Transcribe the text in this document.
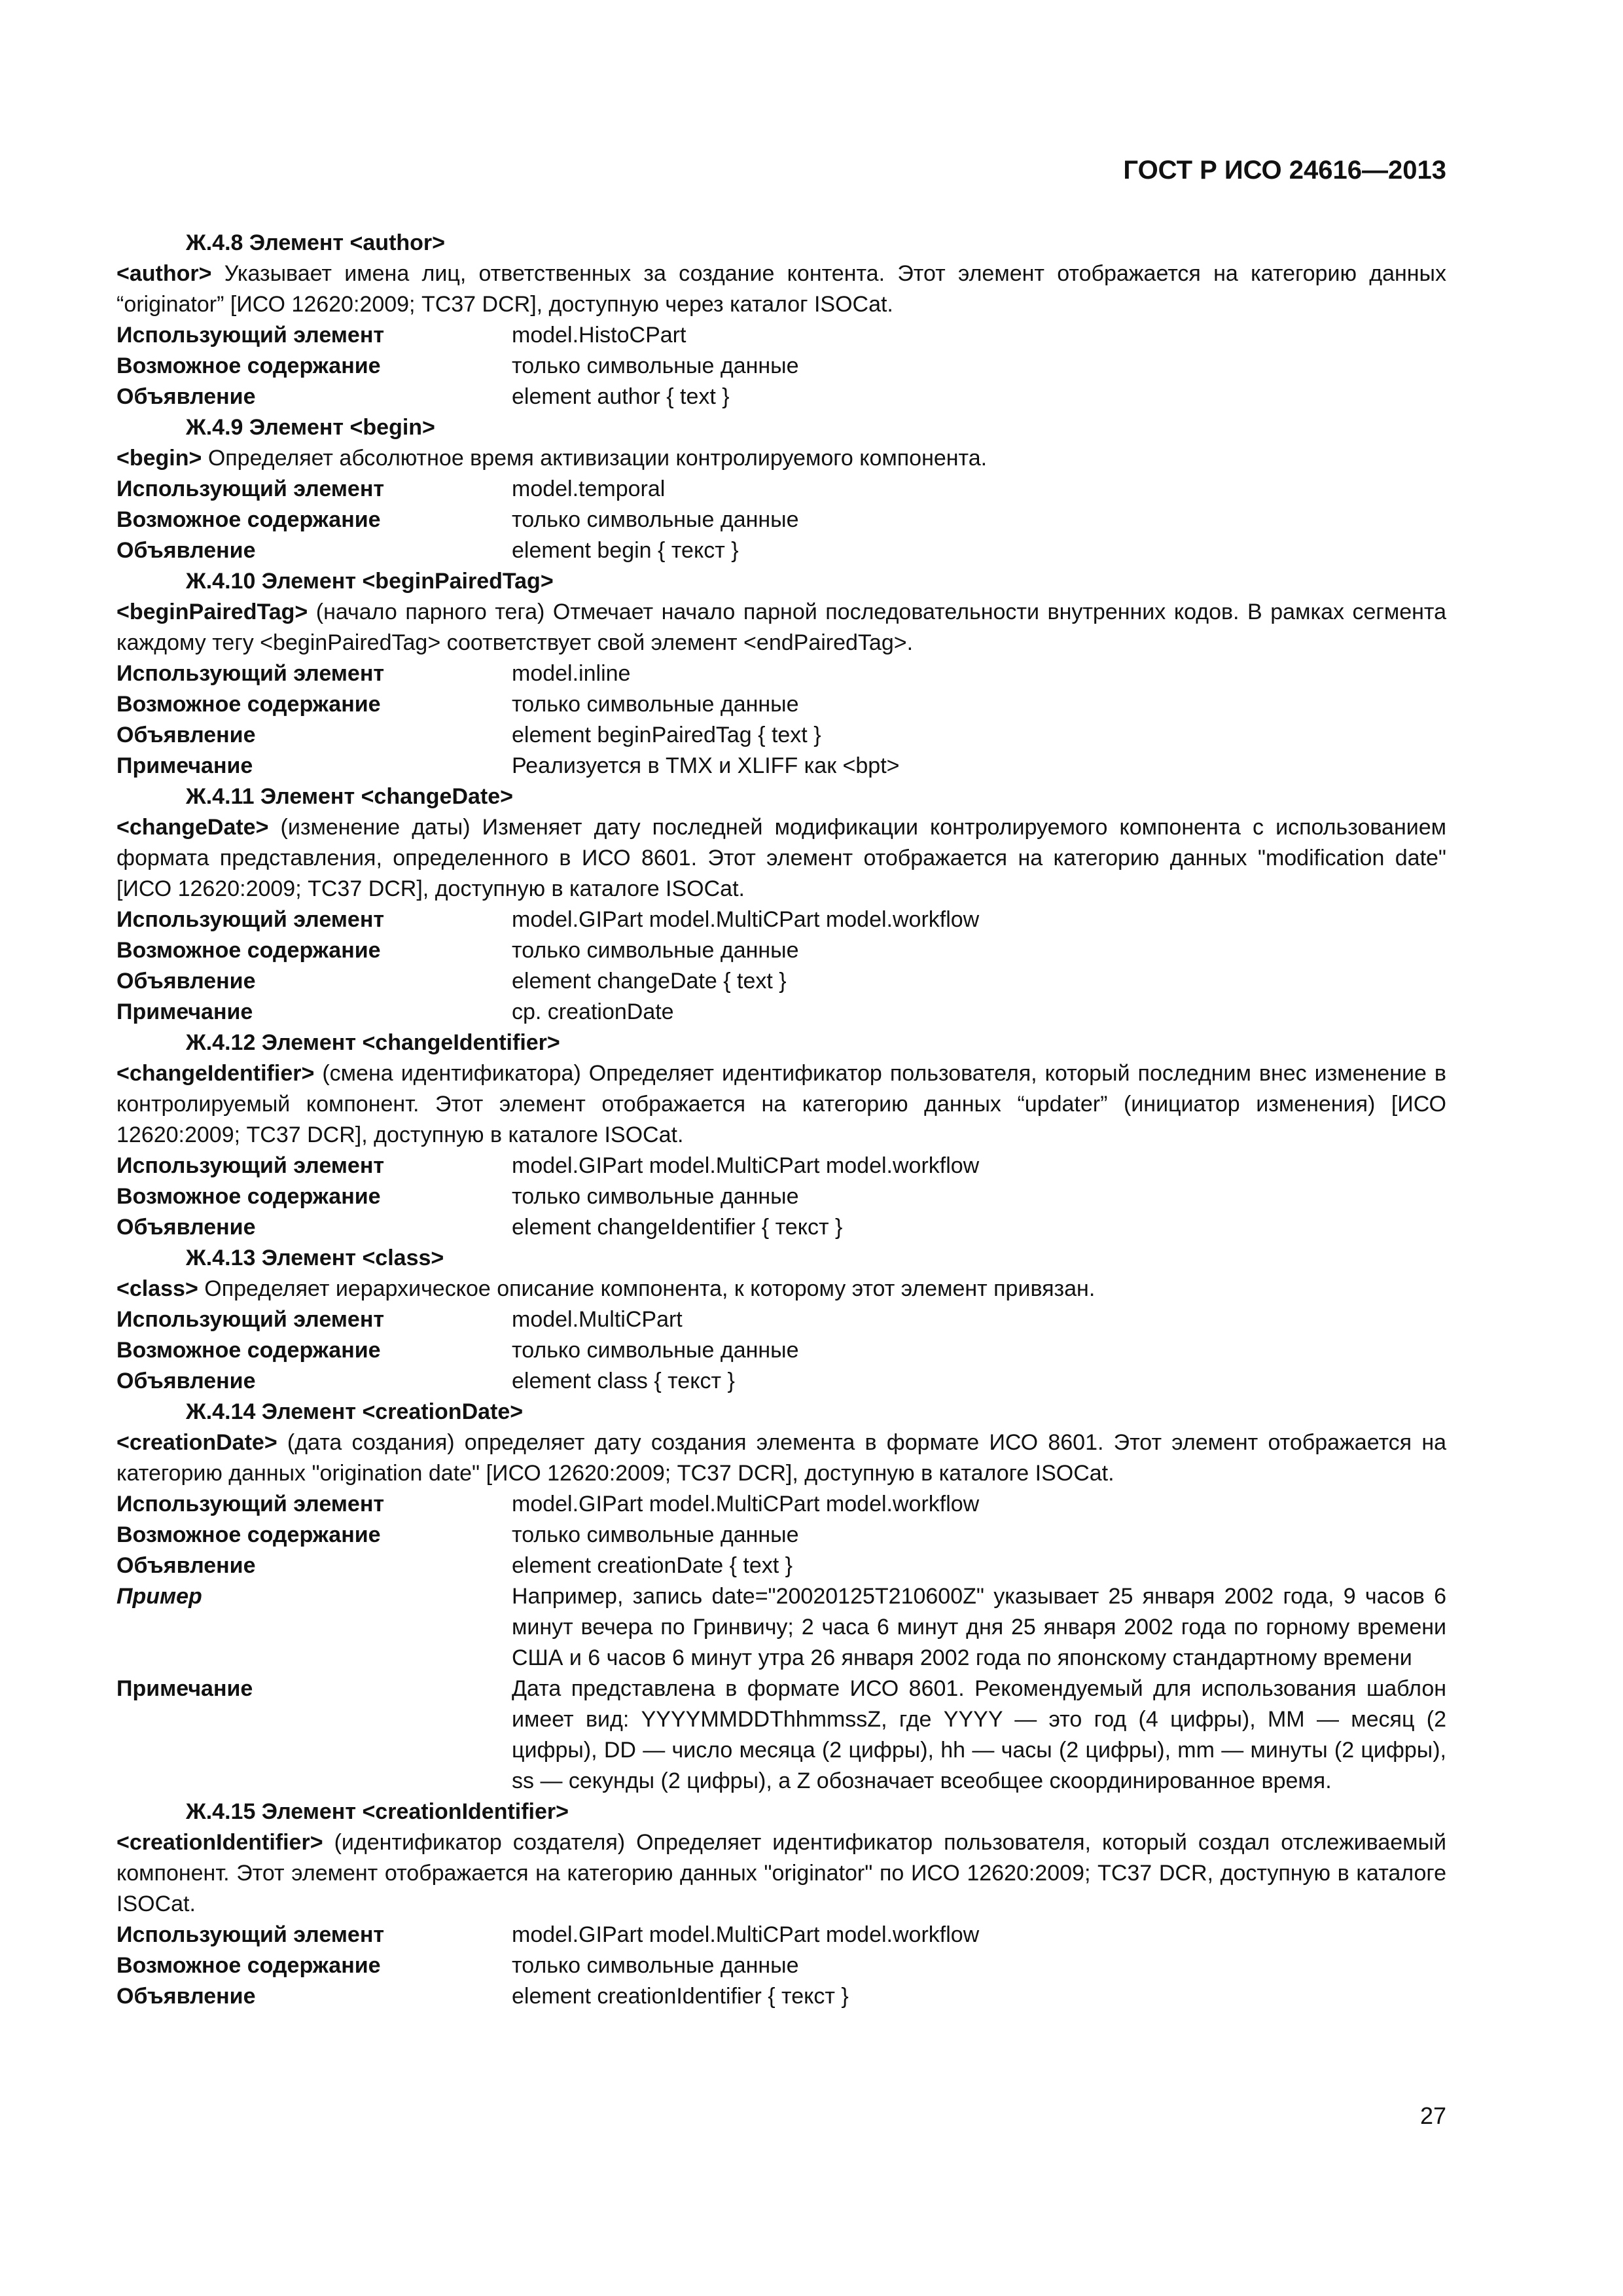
ГОСТ Р ИСО 24616—2013
Ж.4.8 Элемент <author>
<author> Указывает имена лиц, ответственных за создание контента. Этот элемент отображается на категорию данных “originator” [ИСО 12620:2009; TC37 DCR], доступную через каталог ISOCat.
Использующий элемент	model.HistoCPart
Возможное содержание	только символьные данные
Объявление	element author { text }
Ж.4.9 Элемент <begin>
<begin> Определяет абсолютное время активизации контролируемого компонента.
Использующий элемент	model.temporal
Возможное содержание	только символьные данные
Объявление	element begin { текст }
Ж.4.10 Элемент <beginPairedTag>
<beginPairedTag> (начало парного тега) Отмечает начало парной последовательности внутренних кодов. В рамках сегмента каждому тегу <beginPairedTag> соответствует свой элемент <endPairedTag>.
Использующий элемент	model.inline
Возможное содержание	только символьные данные
Объявление	element beginPairedTag { text }
Примечание	Реализуется в TMX и XLIFF как <bpt>
Ж.4.11 Элемент <changeDate>
<changeDate> (изменение даты) Изменяет дату последней модификации контролируемого компонента с использованием формата представления, определенного в ИСО 8601. Этот элемент отображается на категорию данных "modification date" [ИСО 12620:2009; TC37 DCR], доступную в каталоге ISOCat.
Использующий элемент	model.GIPart model.MultiCPart model.workflow
Возможное содержание	только символьные данные
Объявление	element changeDate { text }
Примечание	ср. creationDate
Ж.4.12 Элемент <changeIdentifier>
<changeIdentifier> (смена идентификатора) Определяет идентификатор пользователя, который последним внес изменение в контролируемый компонент. Этот элемент отображается на категорию данных “updater” (инициатор изменения) [ИСО 12620:2009; TC37 DCR], доступную в каталоге ISOCat.
Использующий элемент	model.GIPart model.MultiCPart model.workflow
Возможное содержание	только символьные данные
Объявление	element changeIdentifier { текст }
Ж.4.13 Элемент <class>
<class> Определяет иерархическое описание компонента, к которому этот элемент привязан.
Использующий элемент	model.MultiCPart
Возможное содержание	только символьные данные
Объявление	element class { текст }
Ж.4.14 Элемент <creationDate>
<creationDate> (дата создания) определяет дату создания элемента в формате ИСО 8601. Этот элемент отображается на категорию данных "origination date" [ИСО 12620:2009; TC37 DCR], доступную в каталоге ISOCat.
Использующий элемент	model.GIPart model.MultiCPart model.workflow
Возможное содержание	только символьные данные
Объявление	element creationDate { text }
Пример	Например, запись date="20020125T210600Z" указывает 25 января 2002 года, 9 часов 6 минут вечера по Гринвичу; 2 часа 6 минут дня 25 января 2002 года по горному времени США и 6 часов 6 минут утра 26 января 2002 года по японскому стандартному времени
Примечание	Дата представлена в формате ИСО 8601. Рекомендуемый для использования шаблон имеет вид: YYYYMMDDThhmmssZ, где YYYY — это год (4 цифры), MM — месяц (2 цифры), DD — число месяца (2 цифры), hh — часы (2 цифры), mm — минуты (2 цифры), ss — секунды (2 цифры), а Z обозначает всеобщее скоординированное время.
Ж.4.15 Элемент <creationIdentifier>
<creationIdentifier> (идентификатор создателя) Определяет идентификатор пользователя, который создал отслеживаемый компонент. Этот элемент отображается на категорию данных "originator" по ИСО 12620:2009; TC37 DCR, доступную в каталоге ISOCat.
Использующий элемент	model.GIPart model.MultiCPart model.workflow
Возможное содержание	только символьные данные
Объявление	element creationIdentifier { текст }
27
